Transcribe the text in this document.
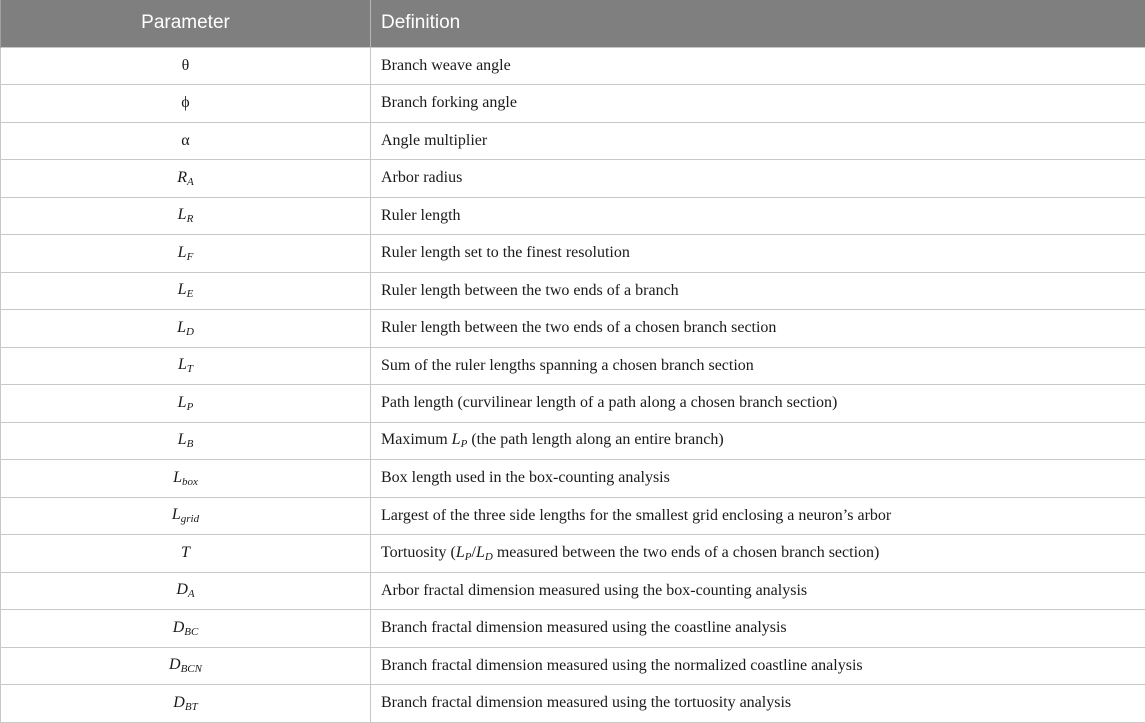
Parameter	Definition
θ	Branch weave angle
ϕ	Branch forking angle
α	Angle multiplier
RA	Arbor radius
LR	Ruler length
LF	Ruler length set to the finest resolution
LE	Ruler length between the two ends of a branch
LD	Ruler length between the two ends of a chosen branch section
LT	Sum of the ruler lengths spanning a chosen branch section
LP	Path length (curvilinear length of a path along a chosen branch section)
LB	Maximum LP (the path length along an entire branch)
Lbox	Box length used in the box-counting analysis
Lgrid	Largest of the three side lengths for the smallest grid enclosing a neuron’s arbor
T	Tortuosity (LP/LD measured between the two ends of a chosen branch section)
DA	Arbor fractal dimension measured using the box-counting analysis
DBC	Branch fractal dimension measured using the coastline analysis
DBCN	Branch fractal dimension measured using the normalized coastline analysis
DBT	Branch fractal dimension measured using the tortuosity analysis
